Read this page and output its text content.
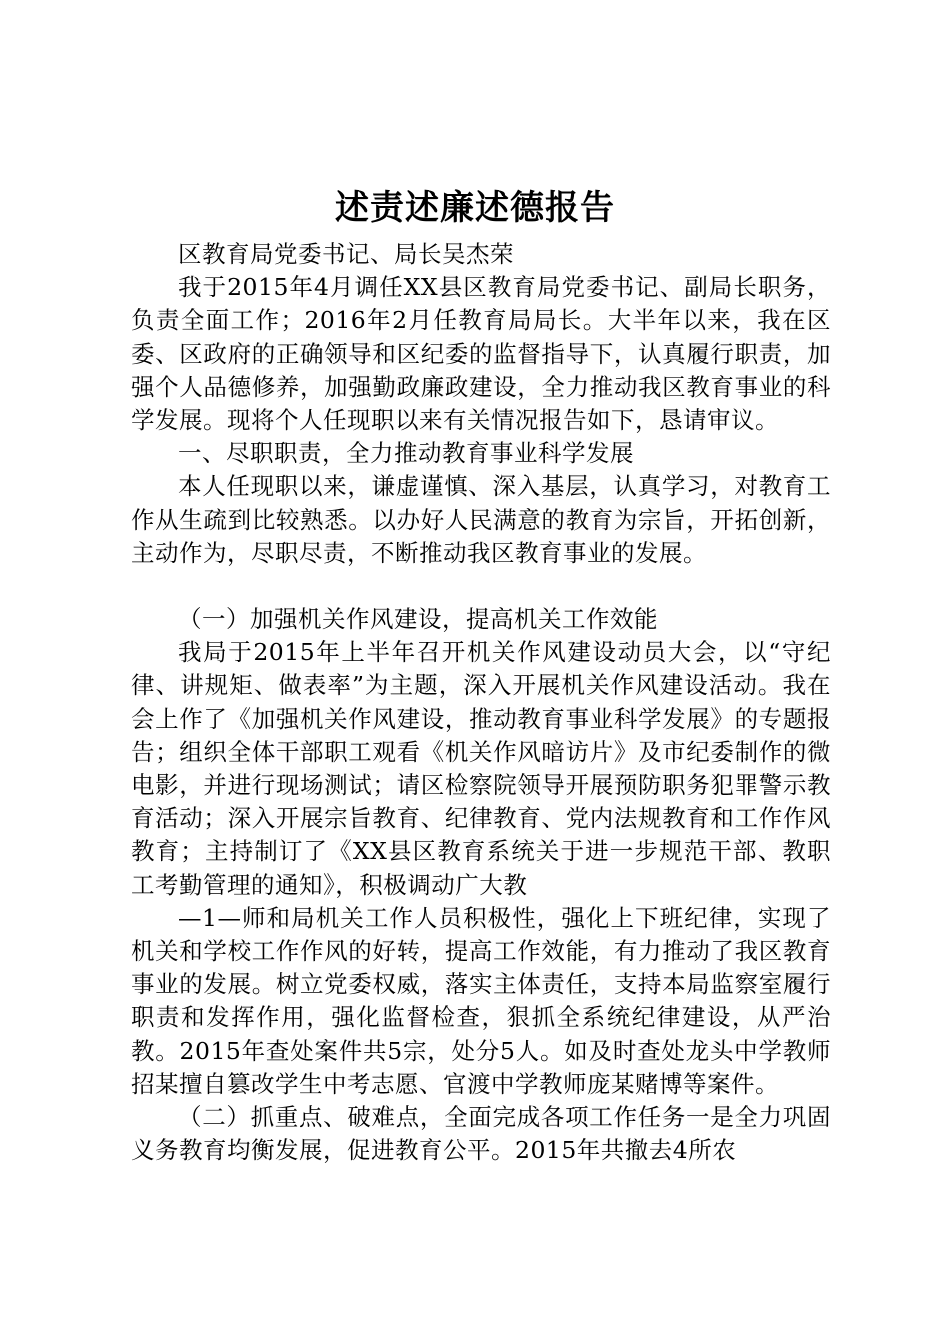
述责述廉述德报告

区教育局党委书记、局长吴杰荣

我于2015年4月调任XX县区教育局党委书记、副局长职务，负责全面工作；2016年2月任教育局局长。大半年以来，我在区委、区政府的正确领导和区纪委的监督指导下，认真履行职责，加强个人品德修养，加强勤政廉政建设，全力推动我区教育事业的科学发展。现将个人任现职以来有关情况报告如下，恳请审议。

一、尽职职责，全力推动教育事业科学发展

本人任现职以来，谦虚谨慎、深入基层，认真学习，对教育工作从生疏到比较熟悉。以办好人民满意的教育为宗旨，开拓创新，主动作为，尽职尽责，不断推动我区教育事业的发展。

（一）加强机关作风建设，提高机关工作效能

我局于2015年上半年召开机关作风建设动员大会，以“守纪律、讲规矩、做表率”为主题，深入开展机关作风建设活动。我在会上作了《加强机关作风建设，推动教育事业科学发展》的专题报告；组织全体干部职工观看《机关作风暗访片》及市纪委制作的微电影，并进行现场测试；请区检察院领导开展预防职务犯罪警示教育活动；深入开展宗旨教育、纪律教育、党内法规教育和工作作风教育；主持制订了《XX县区教育系统关于进一步规范干部、教职工考勤管理的通知》，积极调动广大教

—1—师和局机关工作人员积极性，强化上下班纪律，实现了机关和学校工作作风的好转，提高工作效能，有力推动了我区教育事业的发展。树立党委权威，落实主体责任，支持本局监察室履行职责和发挥作用，强化监督检查，狠抓全系统纪律建设，从严治教。2015年查处案件共5宗，处分5人。如及时查处龙头中学教师招某擅自篡改学生中考志愿、官渡中学教师庞某赌博等案件。

（二）抓重点、破难点，全面完成各项工作任务一是全力巩固义务教育均衡发展，促进教育公平。2015年共撤去4所农
